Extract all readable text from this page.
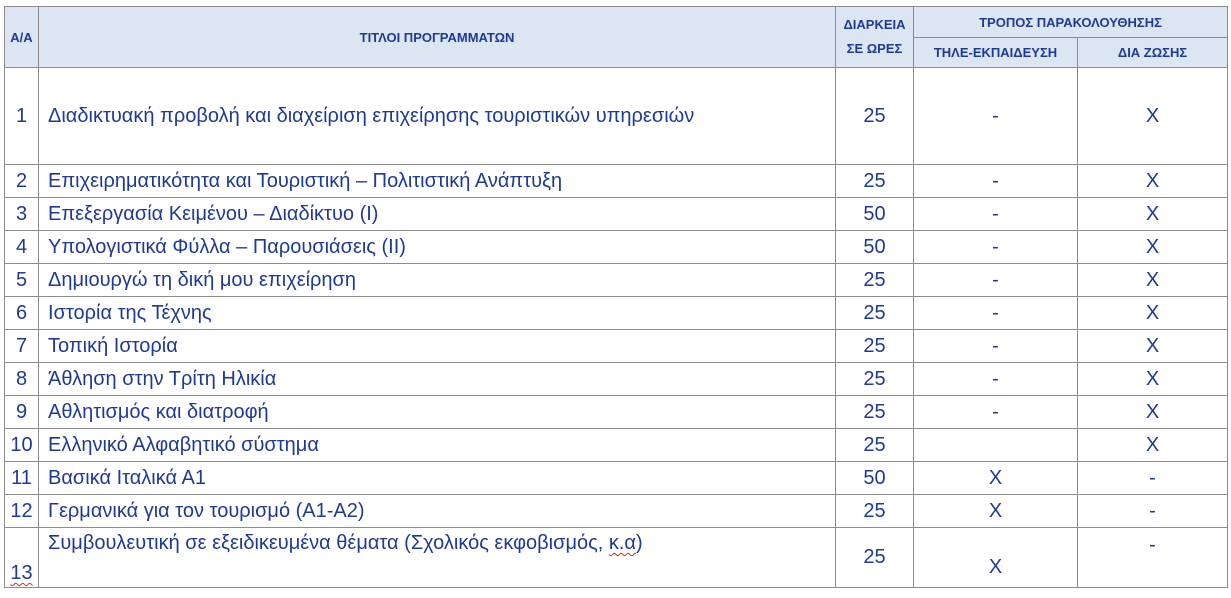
Α/Α	ΤΙΤΛΟΙ ΠΡΟΓΡΑΜΜΑΤΩΝ	ΔΙΑΡΚΕΙΑ
ΣΕ ΩΡΕΣ	ΤΡΟΠΟΣ ΠΑΡΑΚΟΛΟΥΘΗΣΗΣ	
			ΤΗΛΕ-ΕΚΠΑΙΔΕΥΣΗ	ΔΙΑ ΖΩΣΗΣ
1	Διαδικτυακή προβολή και διαχείριση επιχείρησης τουριστικών υπηρεσιών	25	-	Χ
2	Επιχειρηματικότητα και Τουριστική – Πολιτιστική Ανάπτυξη	25	-	Χ
3	Επεξεργασία Κειμένου – Διαδίκτυο (Ι)	50	-	Χ
4	Υπολογιστικά Φύλλα – Παρουσιάσεις (ΙΙ)	50	-	Χ
5	Δημιουργώ τη δική μου επιχείρηση	25	-	Χ
6	Ιστορία της Τέχνης	25	-	Χ
7	Τοπική Ιστορία	25	-	Χ
8	Άθληση στην Τρίτη Ηλικία	25	-	Χ
9	Αθλητισμός και διατροφή	25	-	Χ
10	Ελληνικό Αλφαβητικό σύστημα	25		Χ
11	Βασικά Ιταλικά Α1	50	Χ	-
12	Γερμανικά για τον τουρισμό (Α1-Α2)	25	Χ	-
13	Συμβουλευτική σε εξειδικευμένα θέματα (Σχολικός εκφοβισμός, κ.α)	25	Χ	-
